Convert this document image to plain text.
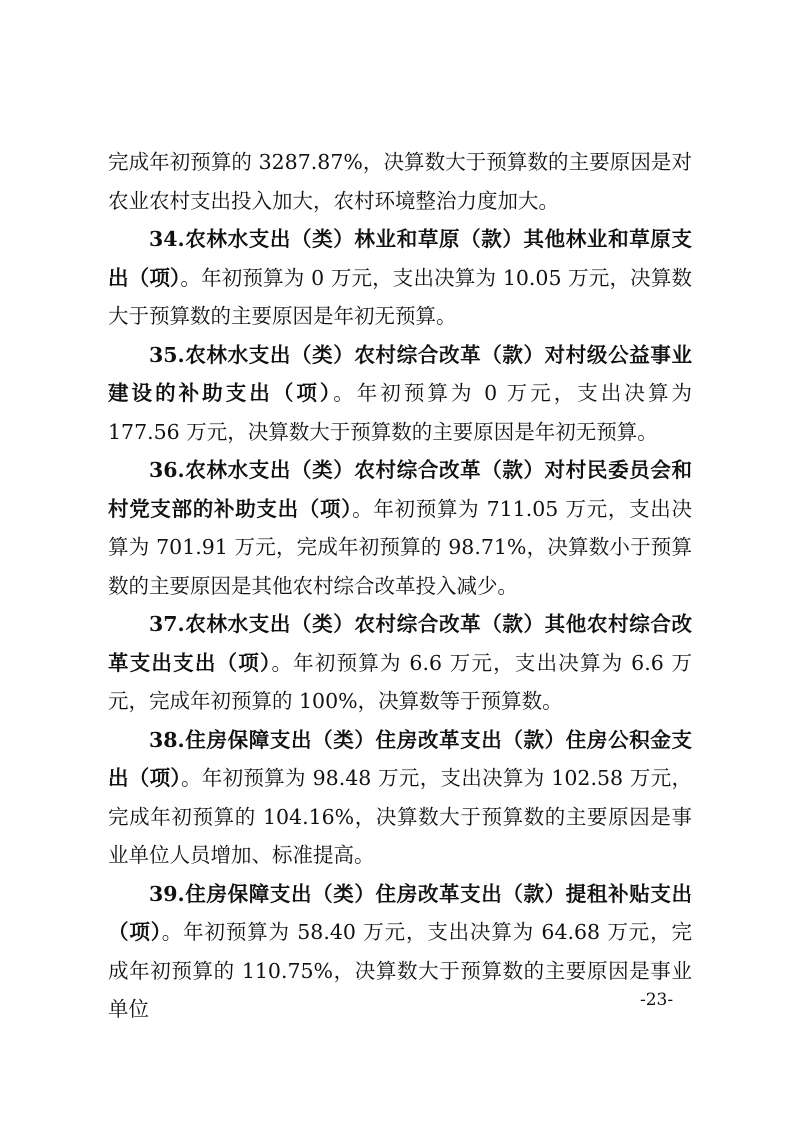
完成年初预算的 3287.87%，决算数大于预算数的主要原因是对农业农村支出投入加大，农村环境整治力度加大。

34.农林水支出（类）林业和草原（款）其他林业和草原支出（项）。年初预算为 0 万元，支出决算为 10.05 万元，决算数大于预算数的主要原因是年初无预算。

35.农林水支出（类）农村综合改革（款）对村级公益事业建设的补助支出（项）。年初预算为 0 万元，支出决算为 177.56 万元，决算数大于预算数的主要原因是年初无预算。

36.农林水支出（类）农村综合改革（款）对村民委员会和村党支部的补助支出（项）。年初预算为 711.05 万元，支出决算为 701.91 万元，完成年初预算的 98.71%，决算数小于预算数的主要原因是其他农村综合改革投入减少。

37.农林水支出（类）农村综合改革（款）其他农村综合改革支出支出（项）。年初预算为 6.6 万元，支出决算为 6.6 万元，完成年初预算的 100%，决算数等于预算数。

38.住房保障支出（类）住房改革支出（款）住房公积金支出（项）。年初预算为 98.48 万元，支出决算为 102.58 万元，完成年初预算的 104.16%，决算数大于预算数的主要原因是事业单位人员增加、标准提高。

39.住房保障支出（类）住房改革支出（款）提租补贴支出（项）。年初预算为 58.40 万元，支出决算为 64.68 万元，完成年初预算的 110.75%，决算数大于预算数的主要原因是事业单位	-23-
